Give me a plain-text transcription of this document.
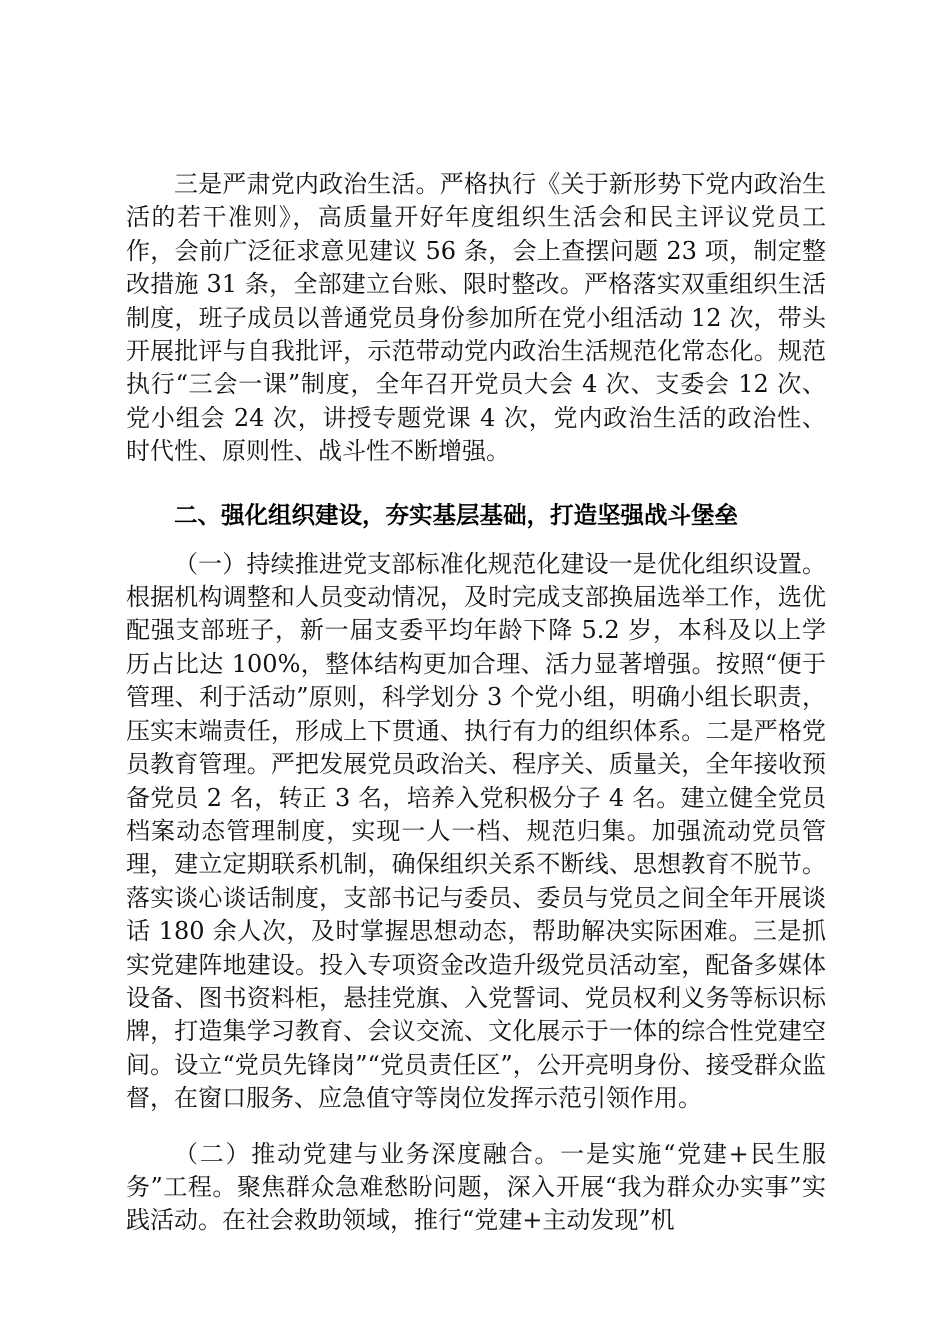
三是严肃党内政治生活。严格执行《关于新形势下党内政治生活的若干准则》，高质量开好年度组织生活会和民主评议党员工作，会前广泛征求意见建议 56 条，会上查摆问题 23 项，制定整改措施 31 条，全部建立台账、限时整改。严格落实双重组织生活制度，班子成员以普通党员身份参加所在党小组活动 12 次，带头开展批评与自我批评，示范带动党内政治生活规范化常态化。规范执行“三会一课”制度，全年召开党员大会 4 次、支委会 12 次、党小组会 24 次，讲授专题党课 4 次，党内政治生活的政治性、时代性、原则性、战斗性不断增强。

二、强化组织建设，夯实基层基础，打造坚强战斗堡垒

（一）持续推进党支部标准化规范化建设一是优化组织设置。根据机构调整和人员变动情况，及时完成支部换届选举工作，选优配强支部班子，新一届支委平均年龄下降 5.2 岁，本科及以上学历占比达 100%，整体结构更加合理、活力显著增强。按照“便于管理、利于活动”原则，科学划分 3 个党小组，明确小组长职责，压实末端责任，形成上下贯通、执行有力的组织体系。二是严格党员教育管理。严把发展党员政治关、程序关、质量关，全年接收预备党员 2 名，转正 3 名，培养入党积极分子 4 名。建立健全党员档案动态管理制度，实现一人一档、规范归集。加强流动党员管理，建立定期联系机制，确保组织关系不断线、思想教育不脱节。落实谈心谈话制度，支部书记与委员、委员与党员之间全年开展谈话 180 余人次，及时掌握思想动态，帮助解决实际困难。三是抓实党建阵地建设。投入专项资金改造升级党员活动室，配备多媒体设备、图书资料柜，悬挂党旗、入党誓词、党员权利义务等标识标牌，打造集学习教育、会议交流、文化展示于一体的综合性党建空间。设立“党员先锋岗”“党员责任区”，公开亮明身份、接受群众监督，在窗口服务、应急值守等岗位发挥示范引领作用。

（二）推动党建与业务深度融合。一是实施“党建+民生服务”工程。聚焦群众急难愁盼问题，深入开展“我为群众办实事”实践活动。在社会救助领域，推行“党建+主动发现”机
